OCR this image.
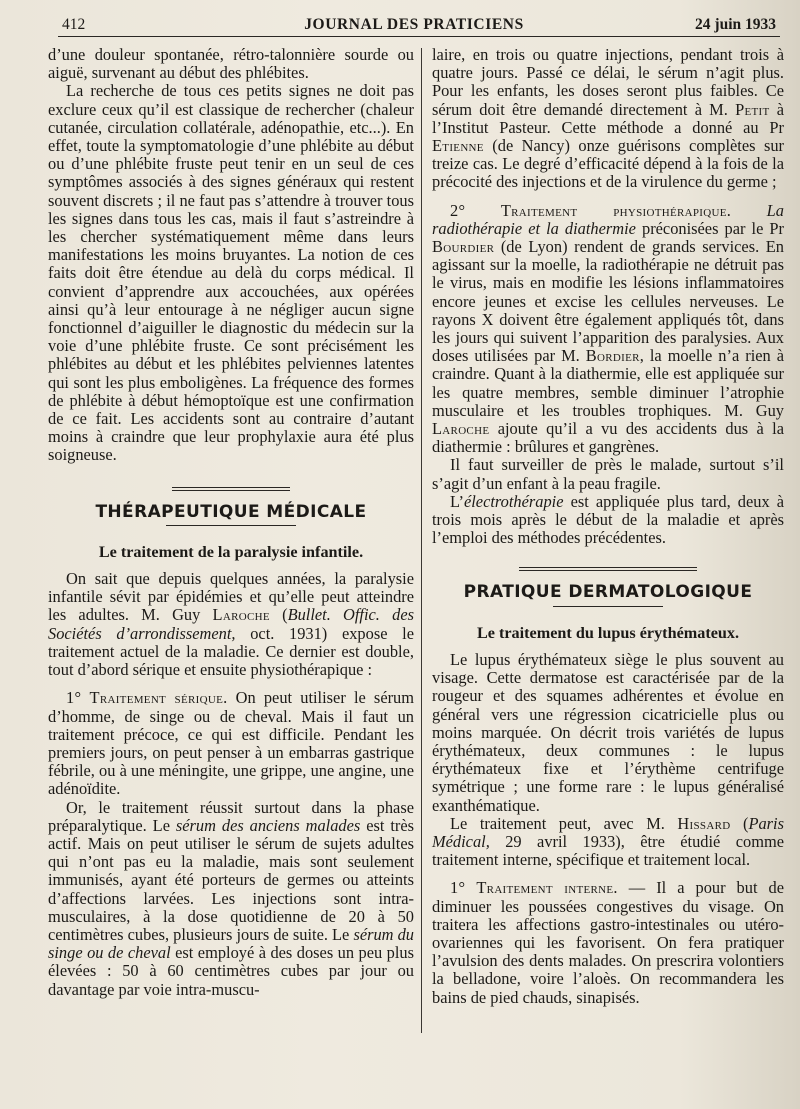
412	JOURNAL DES PRATICIENS	24 juin 1933

d’une douleur spontanée, rétro-talonnière sourde ou aiguë, survenant au début des phlébites.

La recherche de tous ces petits signes ne doit pas exclure ceux qu’il est classique de rechercher (chaleur cutanée, circulation collatérale, adénopathie, etc...). En effet, toute la symptomatologie d’une phlébite au début ou d’une phlébite fruste peut tenir en un seul de ces symptômes associés à des signes généraux qui restent souvent discrets ; il ne faut pas s’attendre à trouver tous les signes dans tous les cas, mais il faut s’astreindre à les chercher systématiquement même dans leurs manifestations les moins bruyantes. La notion de ces faits doit être étendue au delà du corps médical. Il convient d’apprendre aux accouchées, aux opérées ainsi qu’à leur entourage à ne négliger aucun signe fonctionnel d’aiguiller le diagnostic du médecin sur la voie d’une phlébite fruste. Ce sont précisément les phlébites au début et les phlébites pelviennes latentes qui sont les plus emboligènes. La fréquence des formes de phlébite à début hémoptoïque est une confirmation de ce fait. Les accidents sont au contraire d’autant moins à craindre que leur prophylaxie aura été plus soigneuse.

THÉRAPEUTIQUE MÉDICALE
Le traitement de la paralysie infantile.

On sait que depuis quelques années, la paralysie infantile sévit par épidémies et qu’elle peut atteindre les adultes. M. Guy Laroche (Bullet. Offic. des Sociétés d’arrondissement, oct. 1931) expose le traitement actuel de la maladie. Ce dernier est double, tout d’abord sérique et ensuite physiothérapique :

1° Traitement sérique. On peut utiliser le sérum d’homme, de singe ou de cheval. Mais il faut un traitement précoce, ce qui est difficile. Pendant les premiers jours, on peut penser à un embarras gastrique fébrile, ou à une méningite, une grippe, une angine, une adénoïdite.

Or, le traitement réussit surtout dans la phase préparalytique. Le sérum des anciens malades est très actif. Mais on peut utiliser le sérum de sujets adultes qui n’ont pas eu la maladie, mais sont seulement immunisés, ayant été porteurs de germes ou atteints d’affections larvées. Les injections sont intra-musculaires, à la dose quotidienne de 20 à 50 centimètres cubes, plusieurs jours de suite. Le sérum du singe ou de cheval est employé à des doses un peu plus élevées : 50 à 60 centimètres cubes par jour ou davantage par voie intra-muscu-

laire, en trois ou quatre injections, pendant trois à quatre jours. Passé ce délai, le sérum n’agit plus. Pour les enfants, les doses seront plus faibles. Ce sérum doit être demandé directement à M. Petit à l’Institut Pasteur. Cette méthode a donné au Pr Etienne (de Nancy) onze guérisons complètes sur treize cas. Le degré d’efficacité dépend à la fois de la précocité des injections et de la virulence du germe ;

2° Traitement physiothérapique. La radiothérapie et la diathermie préconisées par le Pr Bourdier (de Lyon) rendent de grands services. En agissant sur la moelle, la radiothérapie ne détruit pas le virus, mais en modifie les lésions inflammatoires encore jeunes et excise les cellules nerveuses. Le rayons X doivent être également appliqués tôt, dans les jours qui suivent l’apparition des paralysies. Aux doses utilisées par M. Bordier, la moelle n’a rien à craindre. Quant à la diathermie, elle est appliquée sur les quatre membres, semble diminuer l’atrophie musculaire et les troubles trophiques. M. Guy Laroche ajoute qu’il a vu des accidents dus à la diathermie : brûlures et gangrènes.

Il faut surveiller de près le malade, surtout s’il s’agit d’un enfant à la peau fragile.

L’électrothérapie est appliquée plus tard, deux à trois mois après le début de la maladie et après l’emploi des méthodes précédentes.

PRATIQUE DERMATOLOGIQUE
Le traitement du lupus érythémateux.

Le lupus érythémateux siège le plus souvent au visage. Cette dermatose est caractérisée par de la rougeur et des squames adhérentes et évolue en général vers une régression cicatricielle plus ou moins marquée. On décrit trois variétés de lupus érythémateux, deux communes : le lupus érythémateux fixe et l’érythème centrifuge symétrique ; une forme rare : le lupus généralisé exanthématique.

Le traitement peut, avec M. Hissard (Paris Médical, 29 avril 1933), être étudié comme traitement interne, spécifique et traitement local.

1° Traitement interne. — Il a pour but de diminuer les poussées congestives du visage. On traitera les affections gastro-intestinales ou utéro-ovariennes qui les favorisent. On fera pratiquer l’avulsion des dents malades. On prescrira volontiers la belladone, voire l’aloès. On recommandera les bains de pied chauds, sinapisés.
